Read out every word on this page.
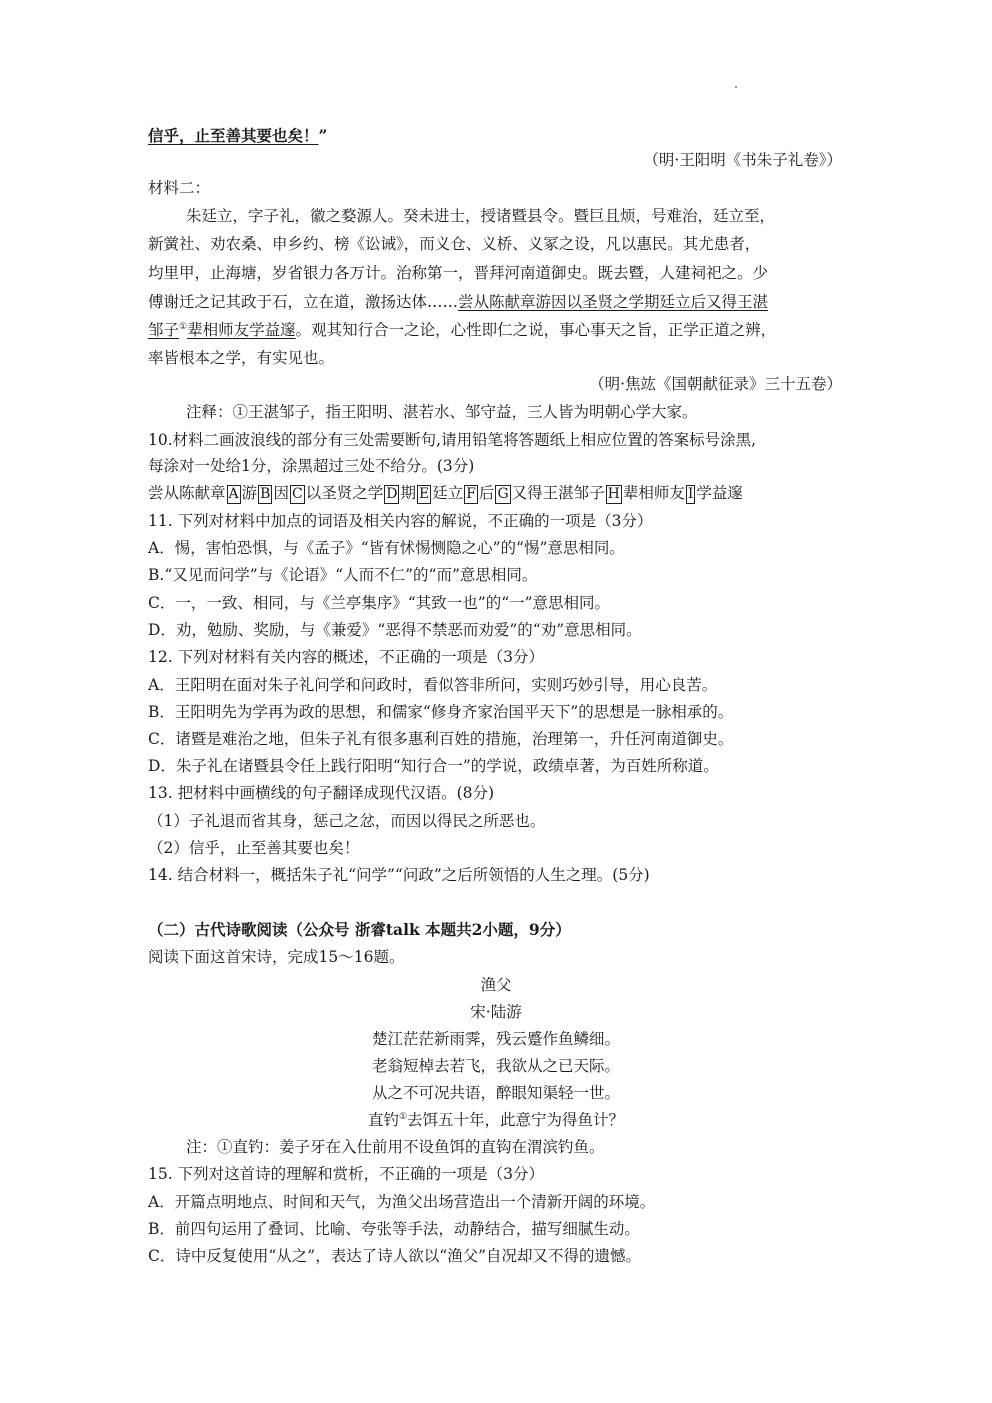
信乎，止至善其要也矣！”
（明·王阳明《书朱子礼卷》）
材料二：
朱廷立，字子礼，徽之婺源人。癸未进士，授诸暨县令。暨巨且烦，号难治，廷立至，
新黉社、劝农桑、申乡约、榜《讼诫》，而义仓、义桥、义冢之设，凡以惠民。其尤患者，
均里甲，止海塘，岁省银力各万计。治称第一，晋拜河南道御史。既去暨，人建祠祀之。少
傅谢迁之记其政于石，立在道，激扬达体……尝从陈献章游因以圣贤之学期廷立后又得王湛
邹子①辈相师友学益邃。观其知行合一之论，心性即仁之说，事心事天之旨，正学正道之辨，
率皆根本之学，有实见也。
（明·焦竑《国朝献征录》三十五卷）
注释：①王湛邹子，指王阳明、湛若水、邹守益，三人皆为明朝心学大家。
10.材料二画波浪线的部分有三处需要断句,请用铅笔将答题纸上相应位置的答案标号涂黑,
每涂对一处给1分，涂黑超过三处不给分。(3分)
尝从陈献章 A 游 B 因 C 以圣贤之学 D 期 E 廷立 F 后 G 又得王湛邹子 H 辈相师友 I 学益邃
11. 下列对材料中加点的词语及相关内容的解说，不正确的一项是（3分）
A．惕，害怕恐惧，与《孟子》“皆有怵惕恻隐之心”的“惕”意思相同。
B.“又见而问学”与《论语》“人而不仁”的“而”意思相同。
C．一，一致、相同，与《兰亭集序》“其致一也”的“一”意思相同。
D．劝，勉励、奖励，与《兼爱》“恶得不禁恶而劝爱”的“劝”意思相同。
12. 下列对材料有关内容的概述，不正确的一项是（3分）
A．王阳明在面对朱子礼问学和问政时，看似答非所问，实则巧妙引导，用心良苦。
B．王阳明先为学再为政的思想，和儒家“修身齐家治国平天下”的思想是一脉相承的。
C．诸暨是难治之地，但朱子礼有很多惠利百姓的措施，治理第一，升任河南道御史。
D．朱子礼在诸暨县令任上践行阳明“知行合一”的学说，政绩卓著，为百姓所称道。
13. 把材料中画横线的句子翻译成现代汉语。(8分)
（1）子礼退而省其身，惩己之忿，而因以得民之所恶也。
（2）信乎，止至善其要也矣！
14. 结合材料一，概括朱子礼“问学”“问政”之后所领悟的人生之理。(5分)
（二）古代诗歌阅读（公众号 浙睿talk 本题共2小题，9分）
阅读下面这首宋诗，完成15～16题。
渔父
宋·陆游
楚江茫茫新雨霁，残云蹙作鱼鳞细。
老翁短棹去若飞，我欲从之已天际。
从之不可况共语，醉眼知渠轻一世。
直钓①去饵五十年，此意宁为得鱼计？
注：①直钓：姜子牙在入仕前用不设鱼饵的直钩在渭滨钓鱼。
15. 下列对这首诗的理解和赏析，不正确的一项是（3分）
A．开篇点明地点、时间和天气，为渔父出场营造出一个清新开阔的环境。
B．前四句运用了叠词、比喻、夸张等手法，动静结合，描写细腻生动。
C．诗中反复使用“从之”，表达了诗人欲以“渔父”自况却又不得的遗憾。
